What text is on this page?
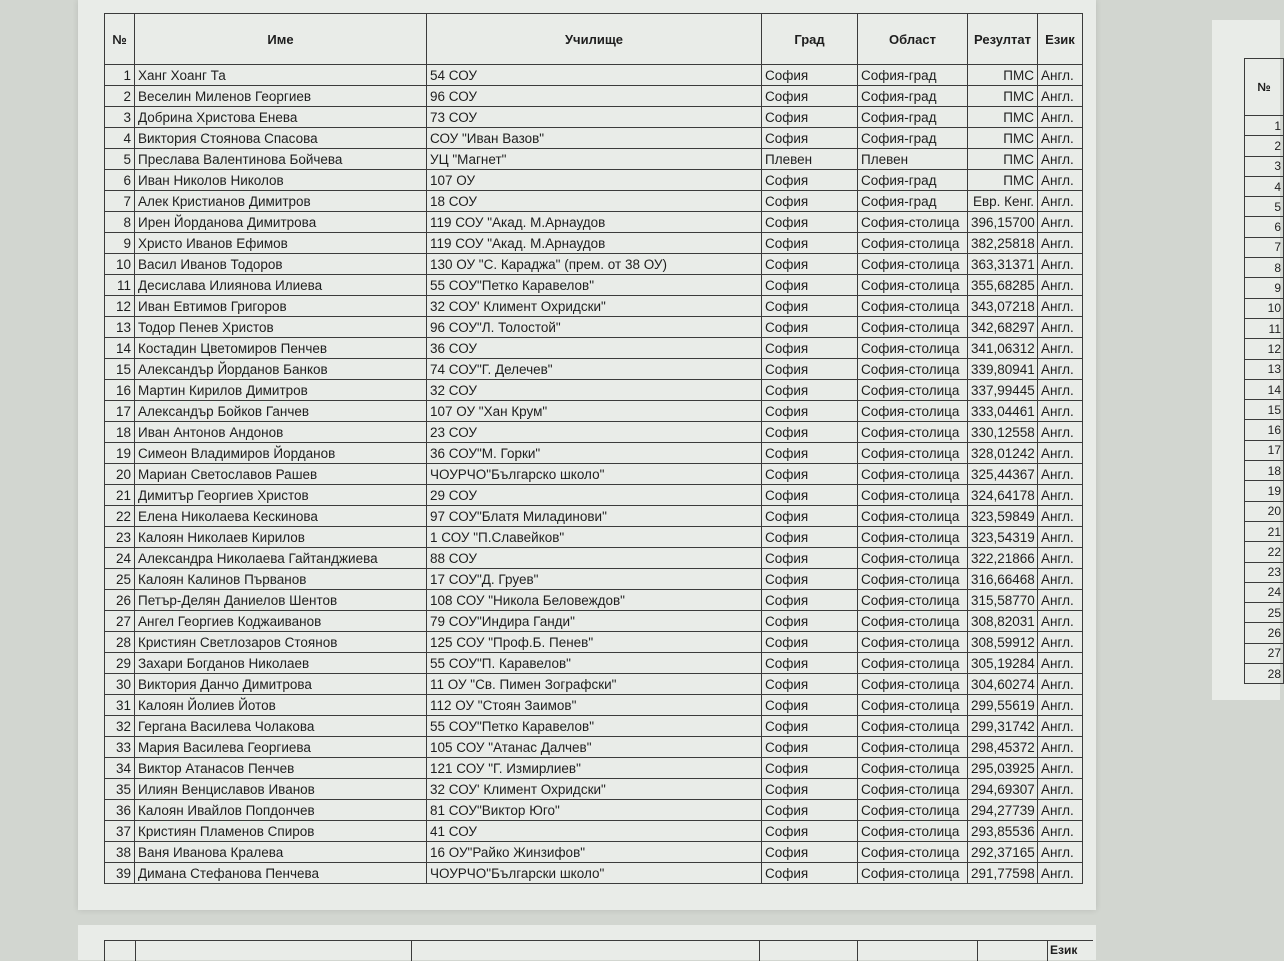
№	Име	Училище	Град	Област	Резултат	Език
1	Ханг Хоанг Та	54 СОУ	София	София-град	ПМС	Англ.
2	Веселин Миленов Георгиев	96 СОУ	София	София-град	ПМС	Англ.
3	Добрина Христова Енева	73 СОУ	София	София-град	ПМС	Англ.
4	Виктория Стоянова Спасова	СОУ "Иван Вазов"	София	София-град	ПМС	Англ.
5	Преслава Валентинова Бойчева	УЦ "Магнет"	Плевен	Плевен	ПМС	Англ.
6	Иван Николов Николов	107 ОУ	София	София-град	ПМС	Англ.
7	Алек Кристианов Димитров	18 СОУ	София	София-град	Евр. Кенг.	Англ.
8	Ирен Йорданова Димитрова	119 СОУ "Акад. М.Арнаудов	София	София-столица	396,15700	Англ.
9	Христо Иванов Ефимов	119 СОУ "Акад. М.Арнаудов	София	София-столица	382,25818	Англ.
10	Васил Иванов Тодоров	130 ОУ "С. Караджа" (прем. от 38 ОУ)	София	София-столица	363,31371	Англ.
11	Десислава Илиянова Илиева	55 СОУ"Петко Каравелов"	София	София-столица	355,68285	Англ.
12	Иван Евтимов Григоров	32 СОУ' Климент Охридски"	София	София-столица	343,07218	Англ.
13	Тодор Пенев Христов	96 СОУ"Л. Толостой"	София	София-столица	342,68297	Англ.
14	Костадин Цветомиров Пенчев	36 СОУ	София	София-столица	341,06312	Англ.
15	Александър Йорданов Банков	74 СОУ"Г. Делечев"	София	София-столица	339,80941	Англ.
16	Мартин Кирилов Димитров	32 СОУ	София	София-столица	337,99445	Англ.
17	Александър Бойков Ганчев	107 ОУ "Хан Крум"	София	София-столица	333,04461	Англ.
18	Иван Антонов Андонов	23 СОУ	София	София-столица	330,12558	Англ.
19	Симеон Владимиров Йорданов	36 СОУ"М. Горки"	София	София-столица	328,01242	Англ.
20	Мариан Светославов Рашев	ЧОУРЧО"Българско школо"	София	София-столица	325,44367	Англ.
21	Димитър Георгиев Христов	29 СОУ	София	София-столица	324,64178	Англ.
22	Елена Николаева Кескинова	97 СОУ"Блатя Миладинови"	София	София-столица	323,59849	Англ.
23	Калоян Николаев Кирилов	1 СОУ "П.Славейков"	София	София-столица	323,54319	Англ.
24	Александра Николаева Гайтанджиева	88 СОУ	София	София-столица	322,21866	Англ.
25	Калоян Калинов Първанов	17 СОУ"Д. Груев"	София	София-столица	316,66468	Англ.
26	Петър-Делян Даниелов Шентов	108 СОУ "Никола Беловеждов"	София	София-столица	315,58770	Англ.
27	Ангел Георгиев Коджаиванов	79 СОУ"Индира Ганди"	София	София-столица	308,82031	Англ.
28	Кристиян Светлозаров Стоянов	125 СОУ "Проф.Б. Пенев"	София	София-столица	308,59912	Англ.
29	Захари Богданов Николаев	55 СОУ"П. Каравелов"	София	София-столица	305,19284	Англ.
30	Виктория Данчо Димитрова	11 ОУ "Св. Пимен Зографски"	София	София-столица	304,60274	Англ.
31	Калоян Йолиев Йотов	112 ОУ "Стоян Заимов"	София	София-столица	299,55619	Англ.
32	Гергана Василева Чолакова	55 СОУ"Петко Каравелов"	София	София-столица	299,31742	Англ.
33	Мария Василева Георгиева	105 СОУ "Атанас Далчев"	София	София-столица	298,45372	Англ.
34	Виктор Атанасов Пенчев	121 СОУ "Г. Измирлиев"	София	София-столица	295,03925	Англ.
35	Илиян Венциславов Иванов	32 СОУ' Климент Охридски"	София	София-столица	294,69307	Англ.
36	Калоян Ивайлов Попдончев	81 СОУ"Виктор Юго"	София	София-столица	294,27739	Англ.
37	Кристиян Пламенов Спиров	41 СОУ	София	София-столица	293,85536	Англ.
38	Ваня Иванова Кралева	16 ОУ"Райко Жинзифов"	София	София-столица	292,37165	Англ.
39	Димана Стефанова Пенчева	ЧОУРЧО"Български школо"	София	София-столица	291,77598	Англ.
№
1
2
3
4
5
6
7
8
9
10
11
12
13
14
15
16
17
18
19
20
21
22
23
24
25
26
27
28
Език
